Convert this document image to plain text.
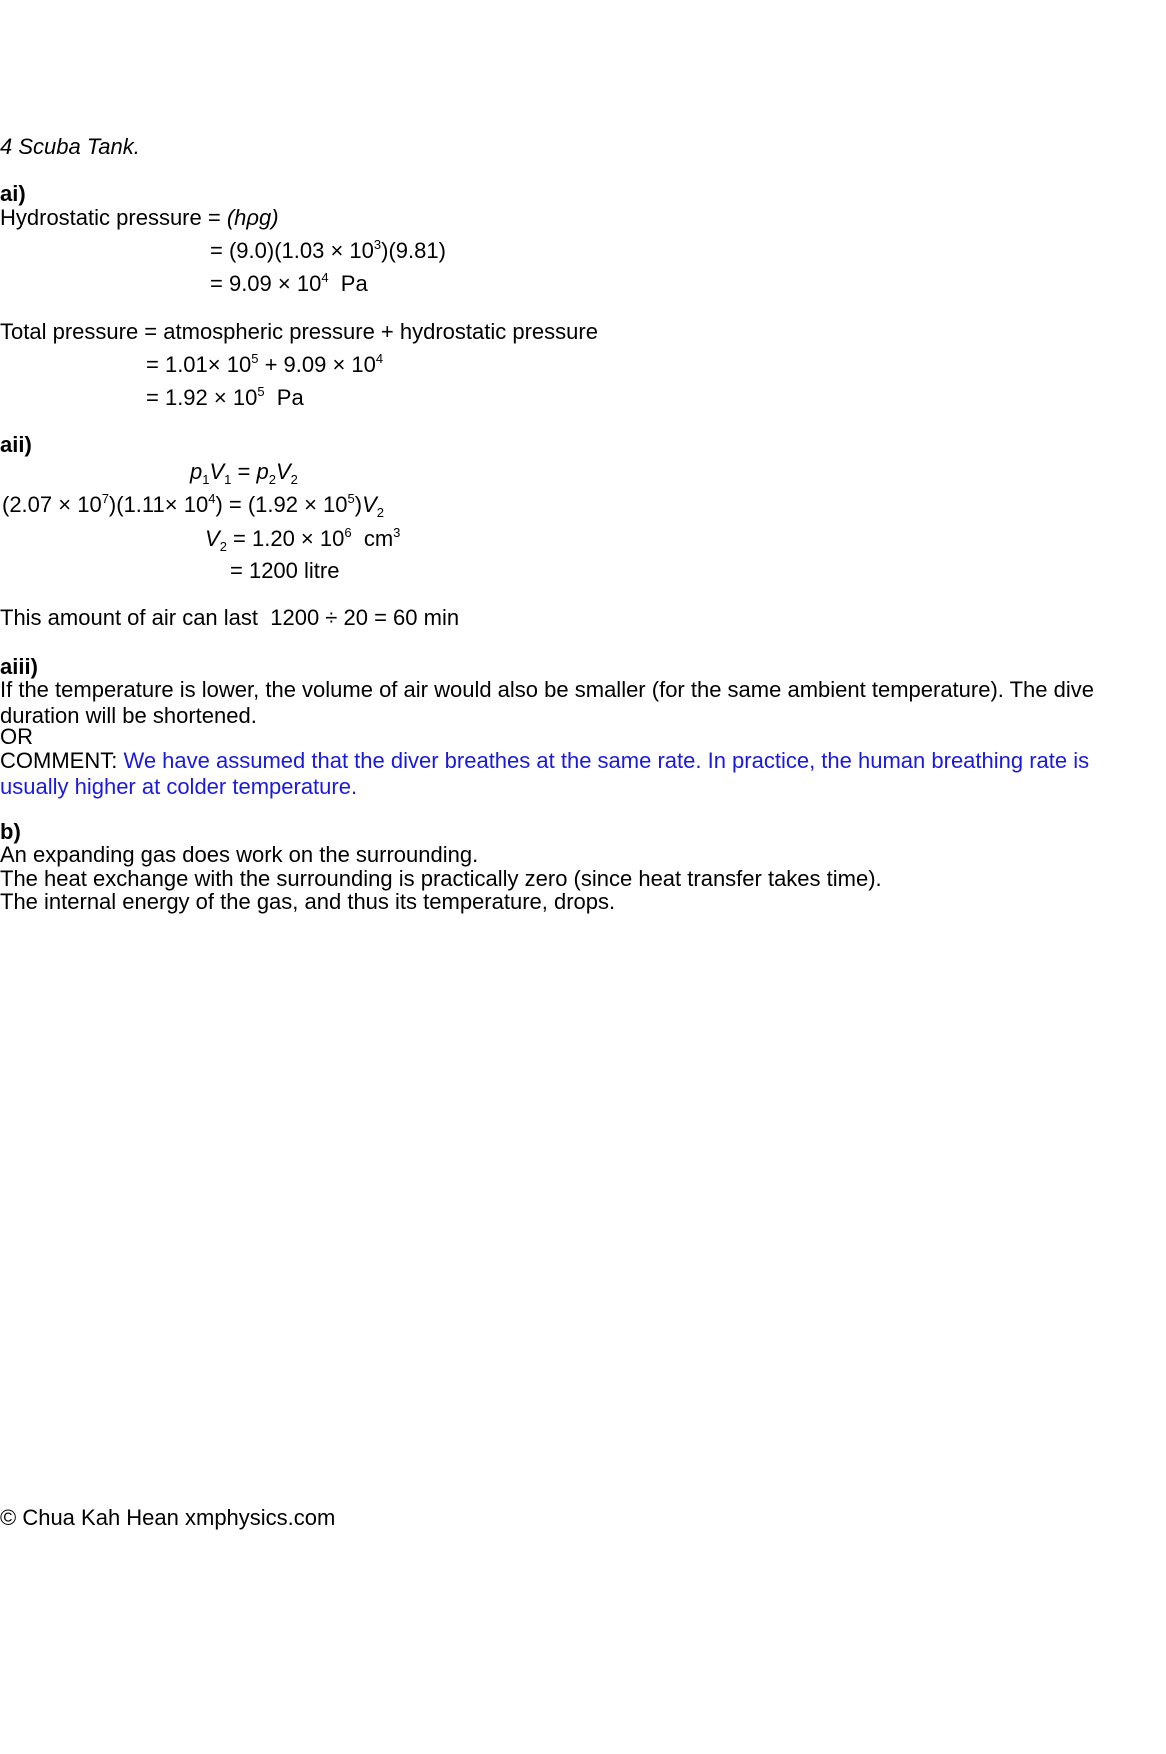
4 Scuba Tank.
ai)
Hydrostatic pressure = (hρg)
= $(9.0)(1.03 \times 10^3)(9.81)$
= $9.09 \times 10^4$  Pa
Total pressure = atmospheric pressure + hydrostatic pressure
= $1.01\times 10^5 + 9.09 \times 10^4$
= $1.92 \times 10^5$  Pa
aii)
$p_1V_1 = p_2V_2$
$(2.07 \times 10^7)(1.11\times 10^4) = (1.92 \times 10^5)V_2$
$V_2 = 1.20 \times 10^6$  $cm^3$
= 1200 litre
This amount of air can last 1200 ÷ 20 = 60 min
aiii)
If the temperature is lower, the volume of air would also be smaller (for the same ambient temperature). The dive duration will be shortened.
OR
COMMENT: We have assumed that the diver breathes at the same rate. In practice, the human breathing rate is usually higher at colder temperature.
b)
An expanding gas does work on the surrounding.
The heat exchange with the surrounding is practically zero (since heat transfer takes time).
The internal energy of the gas, and thus its temperature, drops.
© Chua Kah Hean xmphysics.com
